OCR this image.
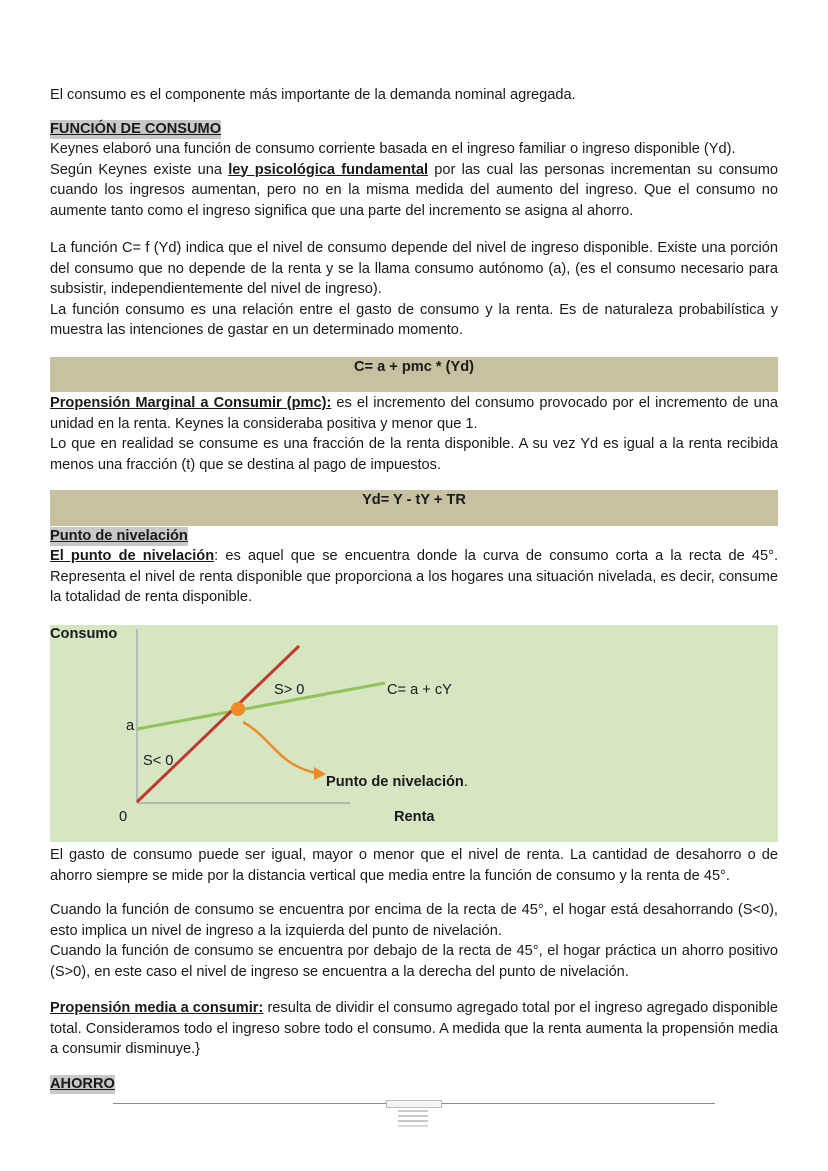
El consumo es el componente más importante de la demanda nominal agregada.

FUNCIÓN DE CONSUMO

Keynes elaboró una función de consumo corriente basada en el ingreso familiar o ingreso disponible (Yd).
Según Keynes existe una ley psicológica fundamental por las cual las personas incrementan su consumo cuando los ingresos aumentan, pero no en la misma medida del aumento del ingreso. Que el consumo no aumente tanto como el ingreso significa que una parte del incremento se asigna al ahorro.

La función C= f (Yd) indica que el nivel de consumo depende del nivel de ingreso disponible. Existe una porción del consumo que no depende de la renta y se la llama consumo autónomo (a), (es el consumo necesario para subsistir, independientemente del nivel de ingreso).

La función consumo es una relación entre el gasto de consumo y la renta. Es de naturaleza probabilística y muestra las intenciones de gastar en un determinado momento.

C= a + pmc * (Yd)

Propensión Marginal a Consumir (pmc): es el incremento del consumo provocado por el incremento de una unidad en la renta. Keynes la consideraba positiva y menor que 1.

Lo que en realidad se consume es una fracción de la renta disponible. A su vez Yd es igual a la renta recibida menos una fracción (t) que se destina al pago de impuestos.

Yd= Y - tY + TR
Punto de nivelación

El punto de nivelación: es aquel que se encuentra donde la curva de consumo corta a la recta de 45°. Representa el nivel de renta disponible que proporciona a los hogares una situación nivelada, es decir, consume la totalidad de renta disponible.

El gasto de consumo puede ser igual, mayor o menor que el nivel de renta. La cantidad de desahorro o de ahorro siempre se mide por la distancia vertical que media entre la función de consumo y la renta de 45°.

Cuando la función de consumo se encuentra por encima de la recta de 45°, el hogar está desahorrando (S<0), esto implica un nivel de ingreso a la izquierda del punto de nivelación.

Cuando la función de consumo se encuentra por debajo de la recta de 45°, el hogar práctica un ahorro positivo (S>0), en este caso el nivel de ingreso se encuentra a la derecha del punto de nivelación.

Propensión media a consumir: resulta de dividir el consumo agregado total por el ingreso agregado disponible total. Consideramos todo el ingreso sobre todo el consumo. A medida que la renta aumenta la propensión media a consumir disminuye.}

AHORRO
Consumo
a
0	Renta
S> 0
S< 0
C= a + cY
Punto de nivelación.
